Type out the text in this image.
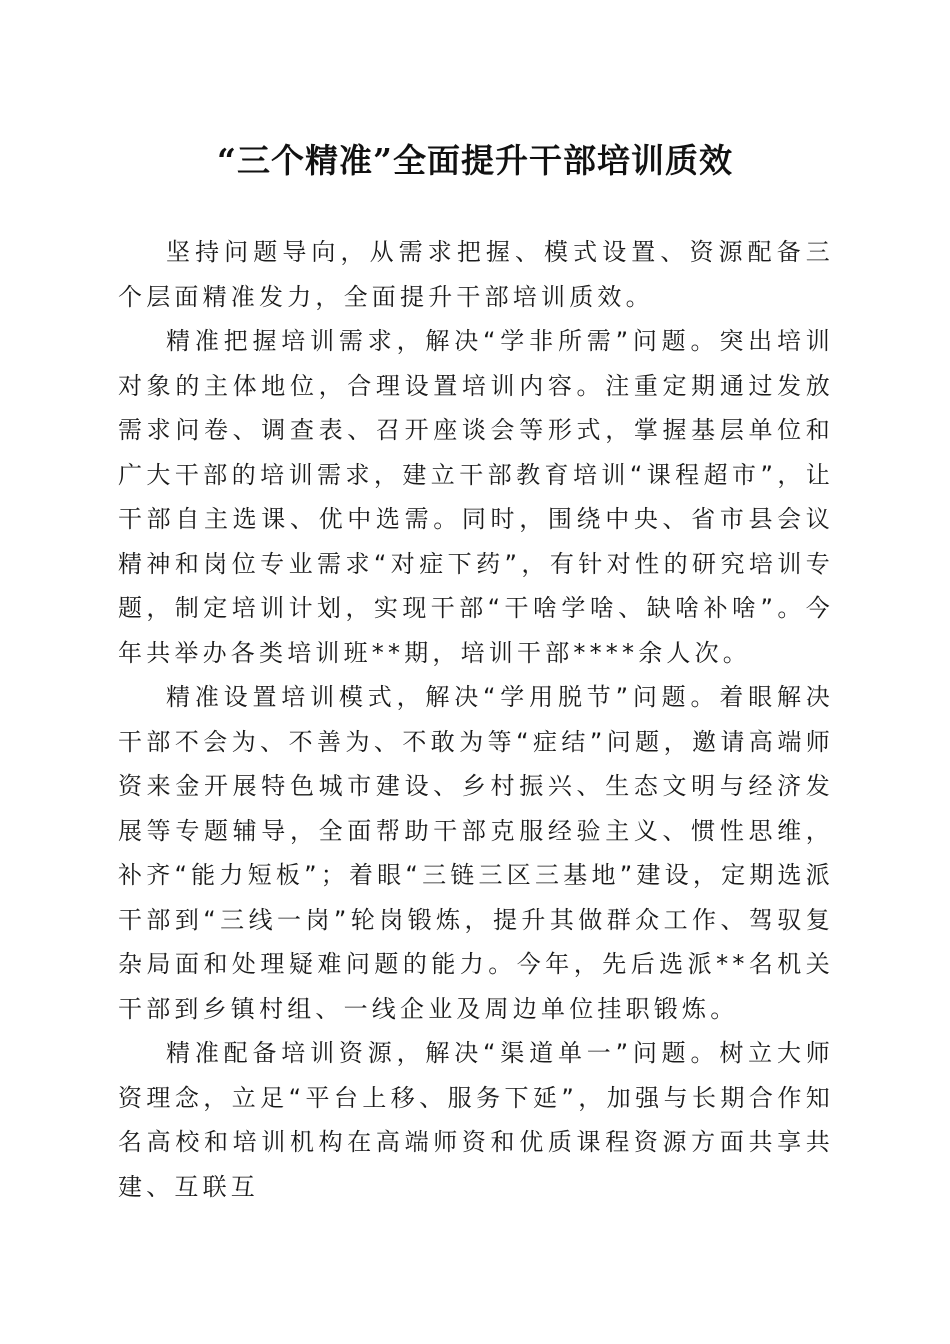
“三个精准”全面提升干部培训质效

坚持问题导向，从需求把握、模式设置、资源配备三个层面精准发力，全面提升干部培训质效。

精准把握培训需求，解决“学非所需”问题。突出培训对象的主体地位，合理设置培训内容。注重定期通过发放需求问卷、调查表、召开座谈会等形式，掌握基层单位和广大干部的培训需求，建立干部教育培训“课程超市”，让干部自主选课、优中选需。同时，围绕中央、省市县会议精神和岗位专业需求“对症下药”，有针对性的研究培训专题，制定培训计划，实现干部“干啥学啥、缺啥补啥”。今年共举办各类培训班**期，培训干部****余人次。

精准设置培训模式，解决“学用脱节”问题。着眼解决干部不会为、不善为、不敢为等“症结”问题，邀请高端师资来金开展特色城市建设、乡村振兴、生态文明与经济发展等专题辅导，全面帮助干部克服经验主义、惯性思维，补齐“能力短板”；着眼“三链三区三基地”建设，定期选派干部到“三线一岗”轮岗锻炼，提升其做群众工作、驾驭复杂局面和处理疑难问题的能力。今年，先后选派**名机关干部到乡镇村组、一线企业及周边单位挂职锻炼。

精准配备培训资源，解决“渠道单一”问题。树立大师资理念，立足“平台上移、服务下延”，加强与长期合作知名高校和培训机构在高端师资和优质课程资源方面共享共建、互联互
